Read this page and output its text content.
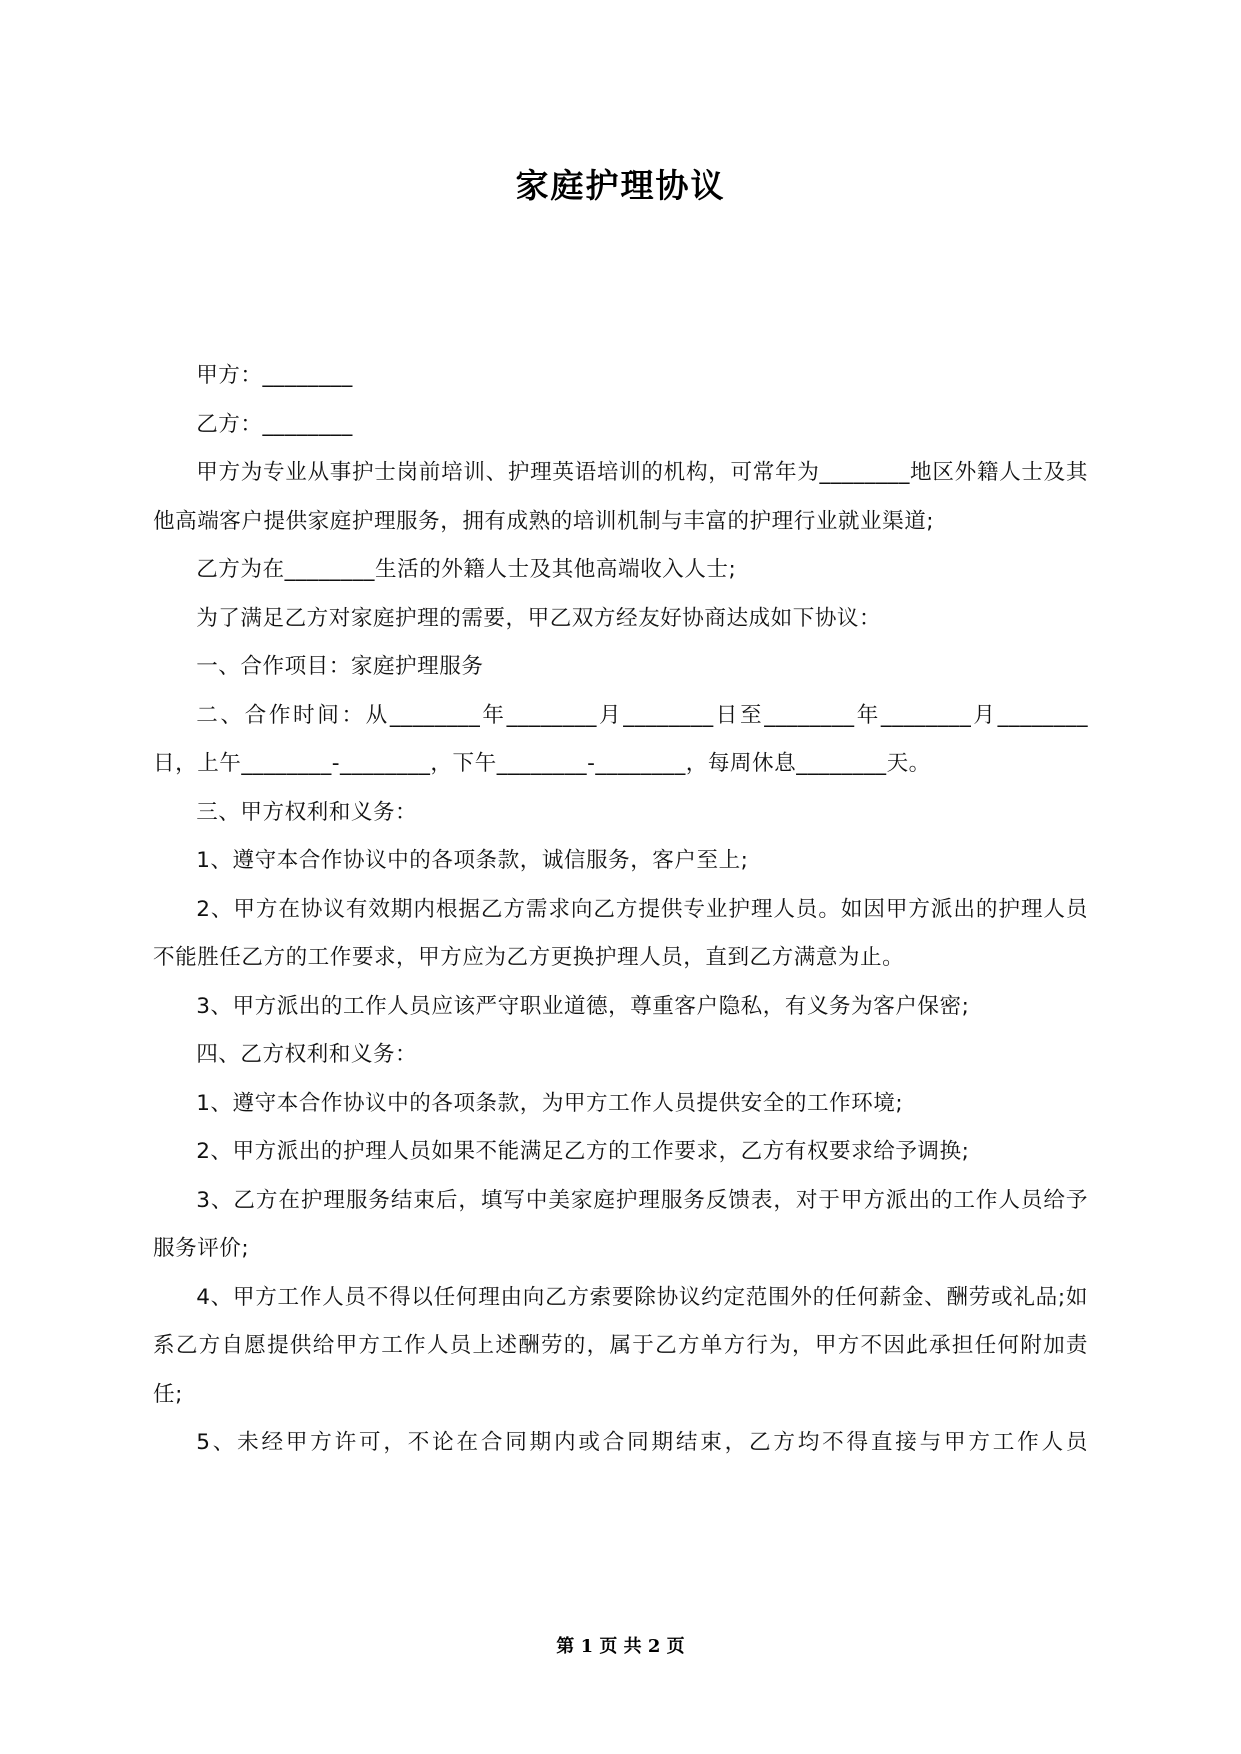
家庭护理协议

甲方：________

乙方：________

甲方为专业从事护士岗前培训、护理英语培训的机构，可常年为________地区外籍人士及其他高端客户提供家庭护理服务，拥有成熟的培训机制与丰富的护理行业就业渠道;

乙方为在________生活的外籍人士及其他高端收入人士;

为了满足乙方对家庭护理的需要，甲乙双方经友好协商达成如下协议：

一、合作项目：家庭护理服务

二、合作时间：从________年________月________日至________年________月________日，上午________-________，下午________-________，每周休息________天。

三、甲方权利和义务：

1、遵守本合作协议中的各项条款，诚信服务，客户至上;

2、甲方在协议有效期内根据乙方需求向乙方提供专业护理人员。如因甲方派出的护理人员不能胜任乙方的工作要求，甲方应为乙方更换护理人员，直到乙方满意为止。

3、甲方派出的工作人员应该严守职业道德，尊重客户隐私，有义务为客户保密;

四、乙方权利和义务：

1、遵守本合作协议中的各项条款，为甲方工作人员提供安全的工作环境;

2、甲方派出的护理人员如果不能满足乙方的工作要求，乙方有权要求给予调换;

3、乙方在护理服务结束后，填写中美家庭护理服务反馈表，对于甲方派出的工作人员给予服务评价;

4、甲方工作人员不得以任何理由向乙方索要除协议约定范围外的任何薪金、酬劳或礼品;如系乙方自愿提供给甲方工作人员上述酬劳的，属于乙方单方行为，甲方不因此承担任何附加责任;

5、未经甲方许可，不论在合同期内或合同期结束，乙方均不得直接与甲方工作人员

第 1 页 共 2 页
